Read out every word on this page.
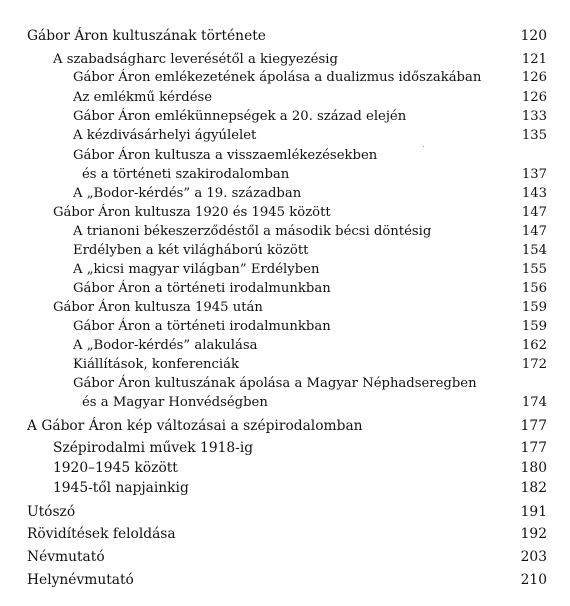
Gábor Áron kultuszának története	120
A szabadságharc leverésétől a kiegyezésig	121
Gábor Áron emlékezetének ápolása a dualizmus időszakában	126
Az emlékmű kérdése	126
Gábor Áron emlékünnepségek a 20. század elején	133
A kézdivásárhelyi ágyúlelet	135
Gábor Áron kultusza a visszaemlékezésekben
és a történeti szakirodalomban	137
A „Bodor-kérdés” a 19. században	143
Gábor Áron kultusza 1920 és 1945 között	147
A trianoni békeszerződéstől a második bécsi döntésig	147
Erdélyben a két világháború között	154
A „kicsi magyar világban” Erdélyben	155
Gábor Áron a történeti irodalmunkban	156
Gábor Áron kultusza 1945 után	159
Gábor Áron a történeti irodalmunkban	159
A „Bodor-kérdés” alakulása	162
Kiállítások, konferenciák	172
Gábor Áron kultuszának ápolása a Magyar Néphadseregben
és a Magyar Honvédségben	174
A Gábor Áron kép változásai a szépirodalomban	177
Szépirodalmi művek 1918-ig	177
1920–1945 között	180
1945-től napjainkig	182
Utószó	191
Rövidítések feloldása	192
Névmutató	203
Helynévmutató	210
